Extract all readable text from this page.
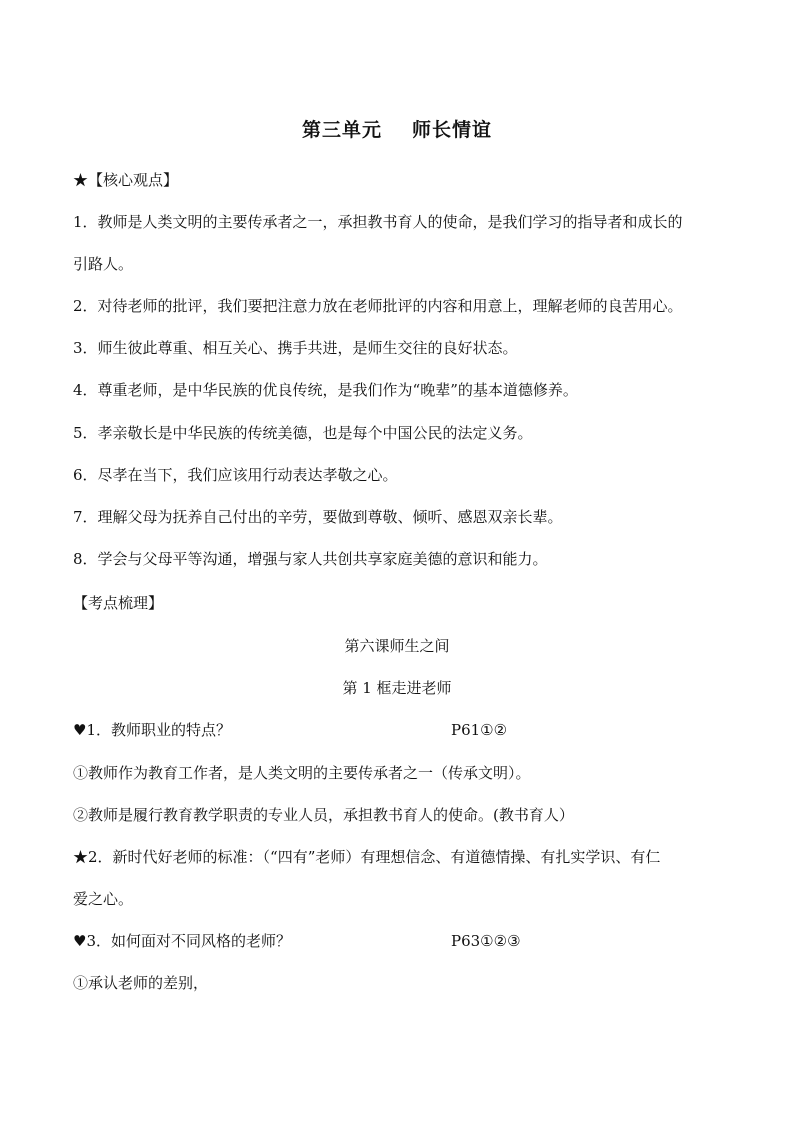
第三单元 师长情谊
★【核心观点】
1．教师是人类文明的主要传承者之一，承担教书育人的使命，是我们学习的指导者和成长的
引路人。
2．对待老师的批评，我们要把注意力放在老师批评的内容和用意上，理解老师的良苦用心。
3．师生彼此尊重、相互关心、携手共进，是师生交往的良好状态。
4．尊重老师，是中华民族的优良传统，是我们作为“晚辈”的基本道德修养。
5．孝亲敬长是中华民族的传统美德，也是每个中国公民的法定义务。
6．尽孝在当下，我们应该用行动表达孝敬之心。
7．理解父母为抚养自己付出的辛劳，要做到尊敬、倾听、感恩双亲长辈。
8．学会与父母平等沟通，增强与家人共创共享家庭美德的意识和能力。
【考点梳理】
第六课师生之间
第 1 框走进老师
♥1．教师职业的特点？	P61①②
①教师作为教育工作者，是人类文明的主要传承者之一（传承文明）。
②教师是履行教育教学职责的专业人员，承担教书育人的使命。(教书育人）
★2．新时代好老师的标准：（“四有”老师）有理想信念、有道德情操、有扎实学识、有仁
爱之心。
♥3．如何面对不同风格的老师？	P63①②③
①承认老师的差别，
